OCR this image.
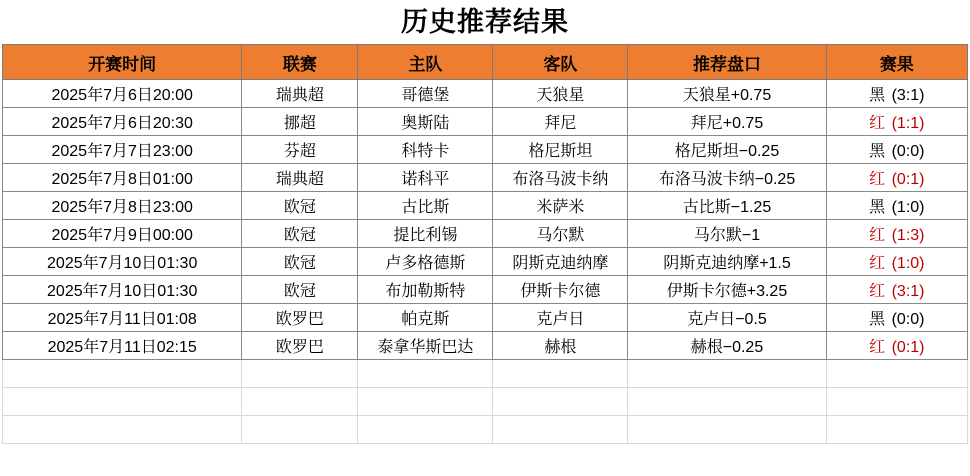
历史推荐结果
开赛时间	联赛	主队	客队	推荐盘口	赛果
2025年7月6日20:00	瑞典超	哥德堡	天狼星	天狼星+0.75	黑 (3:1)
2025年7月6日20:30	挪超	奥斯陆	拜尼	拜尼+0.75	红 (1:1)
2025年7月7日23:00	芬超	科特卡	格尼斯坦	格尼斯坦−0.25	黑 (0:0)
2025年7月8日01:00	瑞典超	诺科平	布洛马波卡纳	布洛马波卡纳−0.25	红 (0:1)
2025年7月8日23:00	欧冠	古比斯	米萨米	古比斯−1.25	黑 (1:0)
2025年7月9日00:00	欧冠	提比利锡	马尔默	马尔默−1	红 (1:3)
2025年7月10日01:30	欧冠	卢多格德斯	阴斯克迪纳摩	阴斯克迪纳摩+1.5	红 (1:0)
2025年7月10日01:30	欧冠	布加勒斯特	伊斯卡尔德	伊斯卡尔德+3.25	红 (3:1)
2025年7月11日01:08	欧罗巴	帕克斯	克卢日	克卢日−0.5	黑 (0:0)
2025年7月11日02:15	欧罗巴	泰拿华斯巴达	赫根	赫根−0.25	红 (0:1)
